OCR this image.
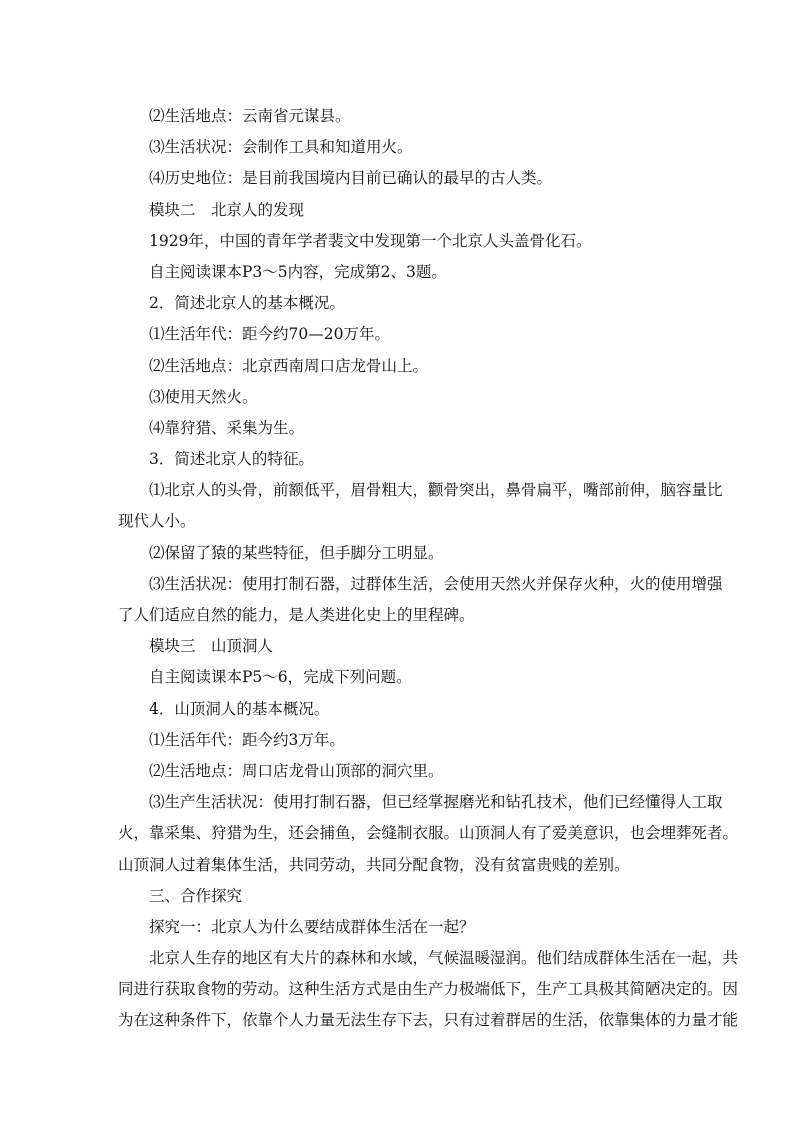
⑵生活地点：云南省元谋县。
⑶生活状况：会制作工具和知道用火。
⑷历史地位：是目前我国境内目前已确认的最早的古人类。
模块二　北京人的发现
1929年，中国的青年学者裴文中发现第一个北京人头盖骨化石。
自主阅读课本P3～5内容，完成第2、3题。
2．简述北京人的基本概况。
⑴生活年代：距今约70—20万年。
⑵生活地点：北京西南周口店龙骨山上。
⑶使用天然火。
⑷靠狩猎、采集为生。
3．简述北京人的特征。
⑴北京人的头骨，前额低平，眉骨粗大，颧骨突出，鼻骨扁平，嘴部前伸，脑容量比
现代人小。
⑵保留了猿的某些特征，但手脚分工明显。
⑶生活状况：使用打制石器，过群体生活，会使用天然火并保存火种，火的使用增强
了人们适应自然的能力，是人类进化史上的里程碑。
模块三　山顶洞人
自主阅读课本P5～6，完成下列问题。
4．山顶洞人的基本概况。
⑴生活年代：距今约3万年。
⑵生活地点：周口店龙骨山顶部的洞穴里。
⑶生产生活状况：使用打制石器，但已经掌握磨光和钻孔技术，他们已经懂得人工取
火，靠采集、狩猎为生，还会捕鱼，会缝制衣服。山顶洞人有了爱美意识，也会埋葬死者。
山顶洞人过着集体生活，共同劳动，共同分配食物，没有贫富贵贱的差别。
三、合作探究
探究一：北京人为什么要结成群体生活在一起？
北京人生存的地区有大片的森林和水域，气候温暖湿润。他们结成群体生活在一起，共
同进行获取食物的劳动。这种生活方式是由生产力极端低下，生产工具极其简陋决定的。因
为在这种条件下，依靠个人力量无法生存下去，只有过着群居的生活，依靠集体的力量才能
